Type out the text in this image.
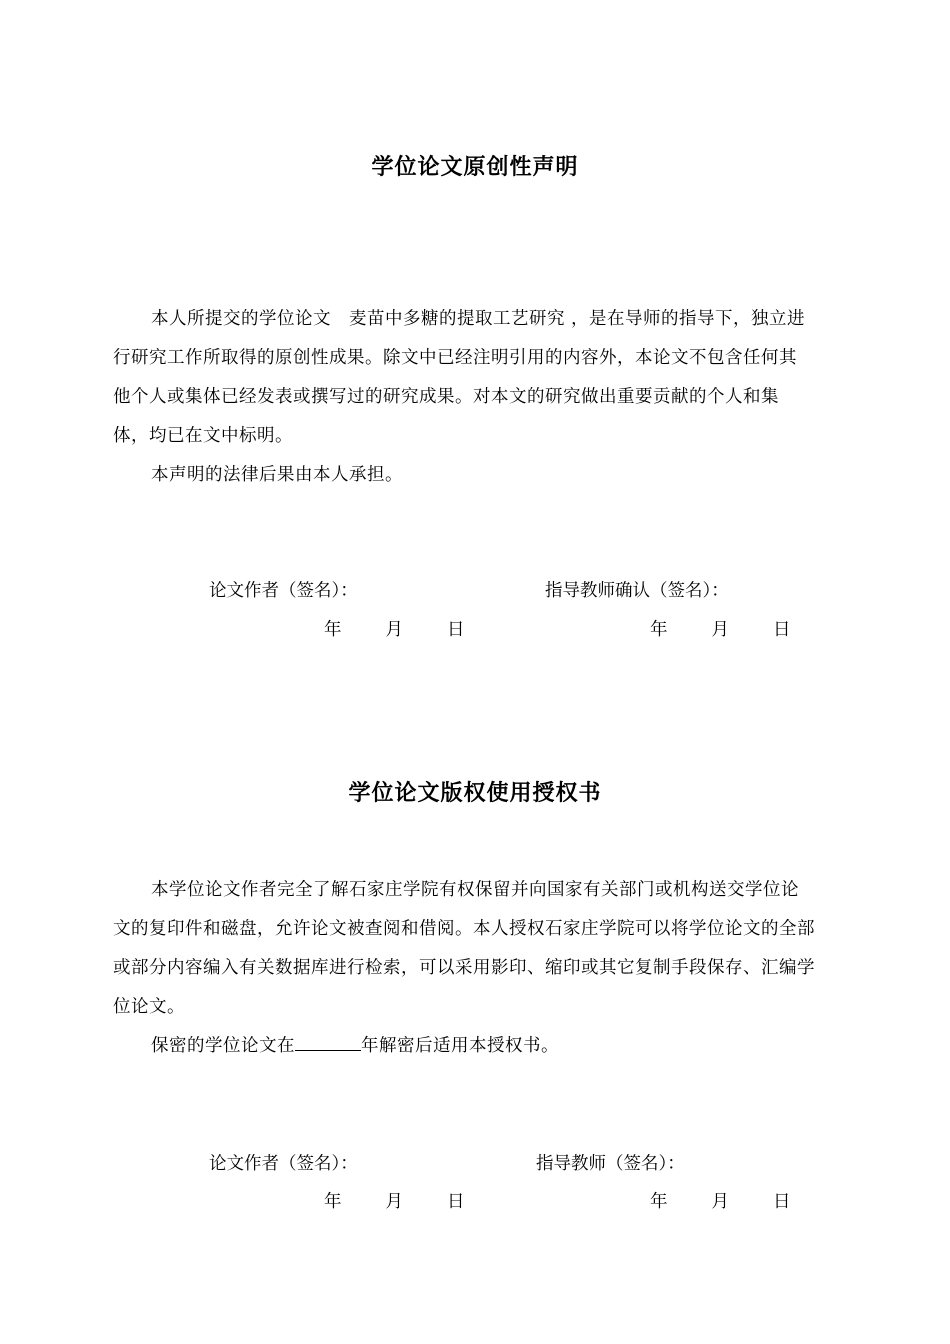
学位论文原创性声明
本人所提交的学位论文　麦苗中多糖的提取工艺研究 ，是在导师的指导下，独立进
行研究工作所取得的原创性成果。除文中已经注明引用的内容外，本论文不包含任何其
他个人或集体已经发表或撰写过的研究成果。对本文的研究做出重要贡献的个人和集
体，均已在文中标明。
本声明的法律后果由本人承担。
论文作者（签名）：	指导教师确认（签名）：
年	月	日	年	月	日
学位论文版权使用授权书
本学位论文作者完全了解石家庄学院有权保留并向国家有关部门或机构送交学位论
文的复印件和磁盘，允许论文被查阅和借阅。本人授权石家庄学院可以将学位论文的全部
或部分内容编入有关数据库进行检索，可以采用影印、缩印或其它复制手段保存、汇编学
位论文。
保密的学位论文在	年解密后适用本授权书。
论文作者（签名）：	指导教师（签名）：
年	月	日	年	月	日
